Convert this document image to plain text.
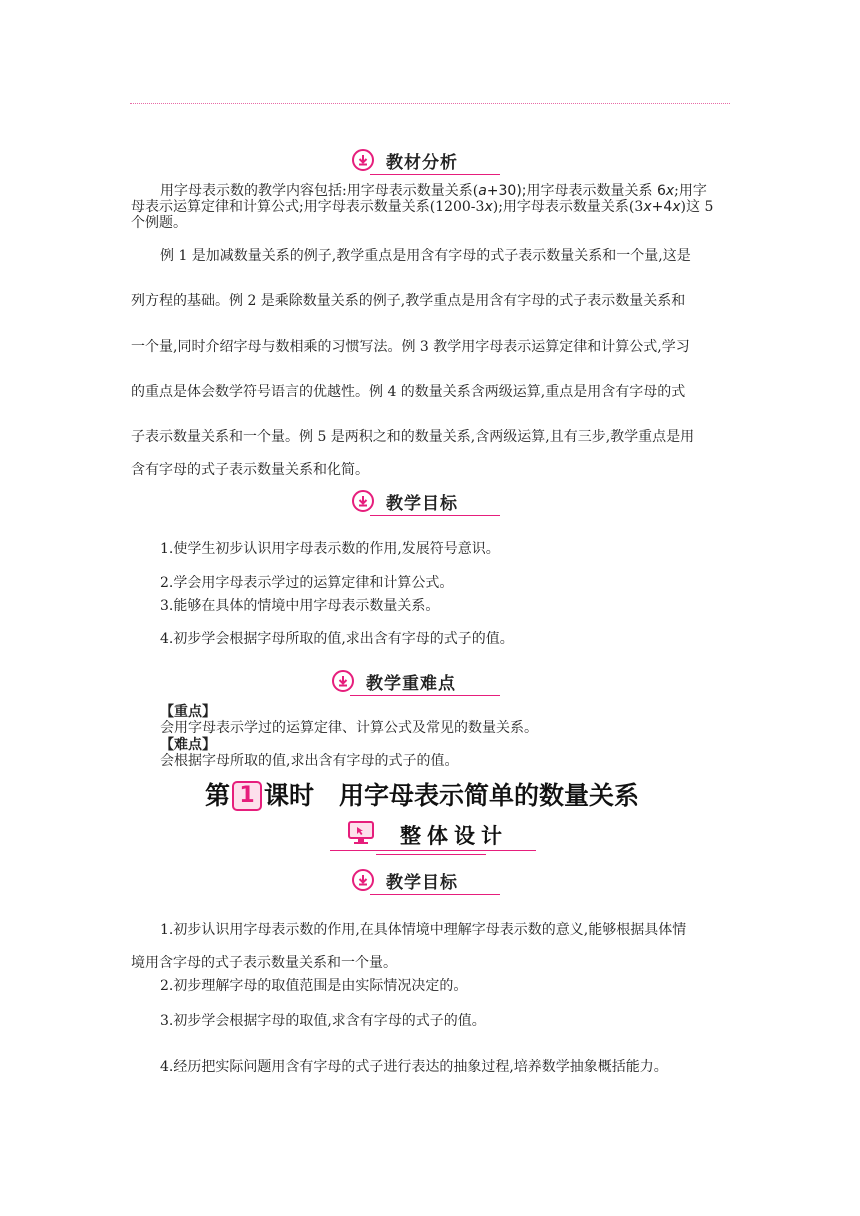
教材分析
用字母表示数的教学内容包括:用字母表示数量关系(a+30);用字母表示数量关系 6x;用字
母表示运算定律和计算公式;用字母表示数量关系(1200-3x);用字母表示数量关系(3x+4x)这 5
个例题。
例 1 是加减数量关系的例子,教学重点是用含有字母的式子表示数量关系和一个量,这是
列方程的基础。例 2 是乘除数量关系的例子,教学重点是用含有字母的式子表示数量关系和
一个量,同时介绍字母与数相乘的习惯写法。例 3 教学用字母表示运算定律和计算公式,学习
的重点是体会数学符号语言的优越性。例 4 的数量关系含两级运算,重点是用含有字母的式
子表示数量关系和一个量。例 5 是两积之和的数量关系,含两级运算,且有三步,教学重点是用
含有字母的式子表示数量关系和化简。
教学目标
1.使学生初步认识用字母表示数的作用,发展符号意识。
2.学会用字母表示学过的运算定律和计算公式。
3.能够在具体的情境中用字母表示数量关系。
4.初步学会根据字母所取的值,求出含有字母的式子的值。
教学重难点
【重点】
会用字母表示学过的运算定律、计算公式及常见的数量关系。
【难点】
会根据字母所取的值,求出含有字母的式子的值。
第 1 课时　用字母表示简单的数量关系
整体设计
教学目标
1.初步认识用字母表示数的作用,在具体情境中理解字母表示数的意义,能够根据具体情
境用含字母的式子表示数量关系和一个量。
2.初步理解字母的取值范围是由实际情况决定的。
3.初步学会根据字母的取值,求含有字母的式子的值。
4.经历把实际问题用含有字母的式子进行表达的抽象过程,培养数学抽象概括能力。
